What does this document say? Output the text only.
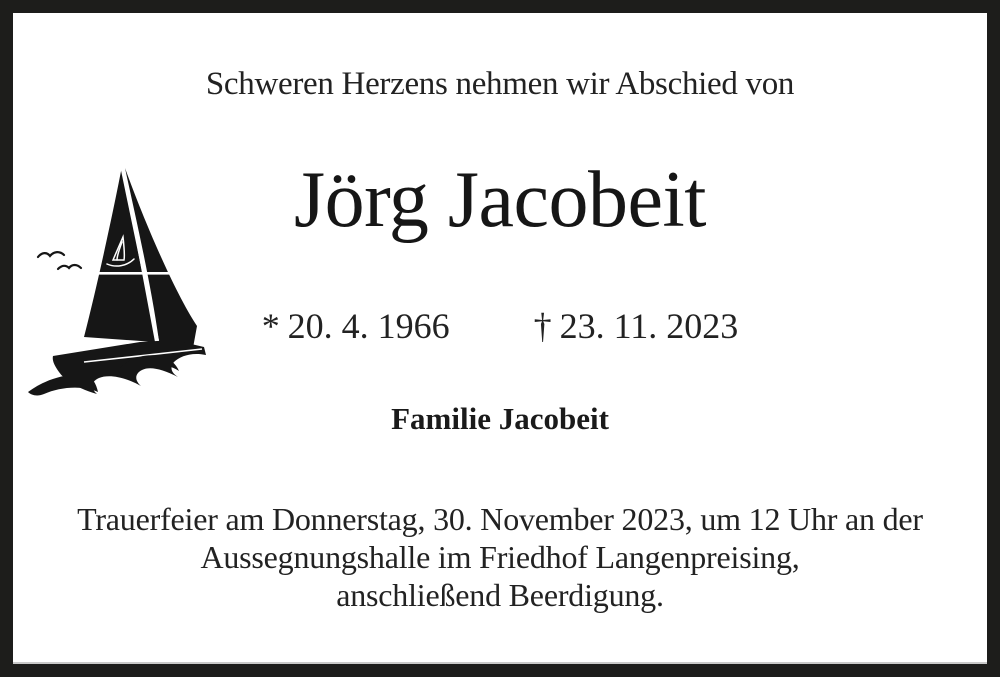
Schweren Herzens nehmen wir Abschied von
Jörg Jacobeit
* 20. 4. 1966 † 23. 11. 2023
Familie Jacobeit
Trauerfeier am Donnerstag, 30. November 2023, um 12 Uhr an der
Aussegnungshalle im Friedhof Langenpreising,
anschließend Beerdigung.
